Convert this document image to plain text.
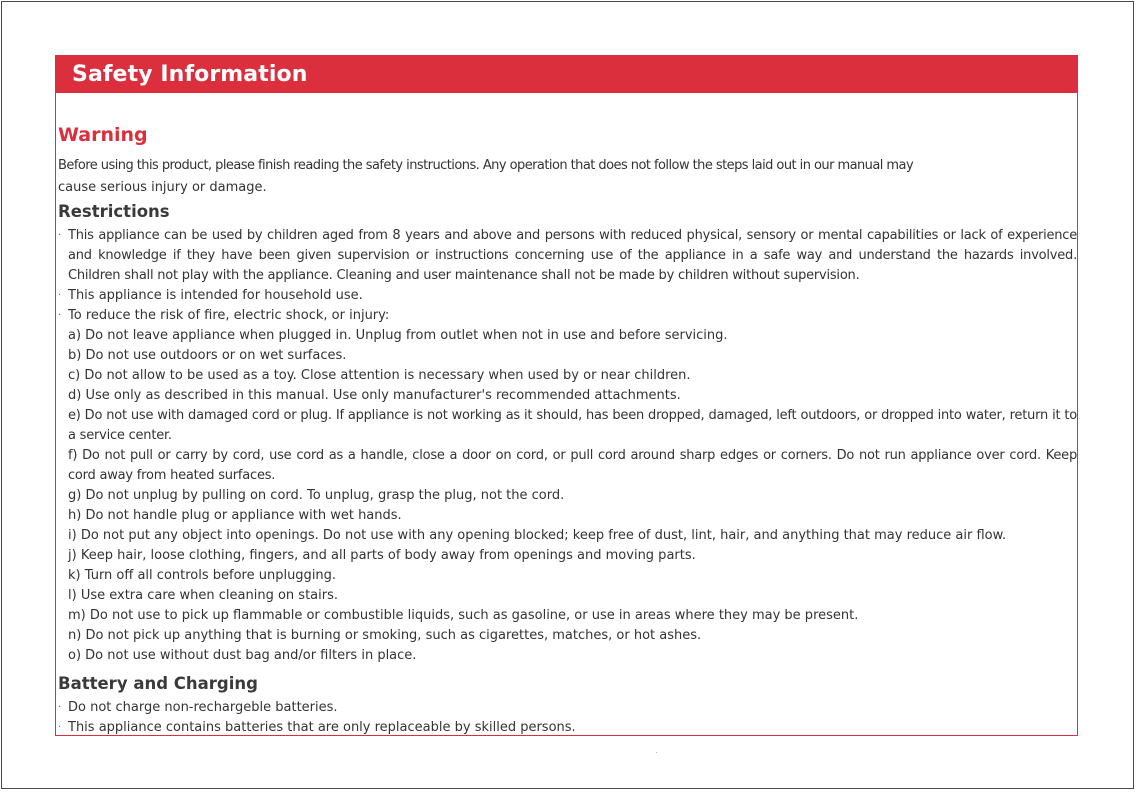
Safety Information
Warning
Before using this product, please finish reading the safety instructions. Any operation that does not follow the steps laid out in our manual may
cause serious injury or damage.
Restrictions
· This appliance can be used by children aged from 8 years and above and persons with reduced physical, sensory or mental capabilities or lack of experience and knowledge if they have been given supervision or instructions concerning use of the appliance in a safe way and understand the hazards involved. Children shall not play with the appliance. Cleaning and user maintenance shall not be made by children without supervision.
· This appliance is intended for household use.
· To reduce the risk of fire, electric shock, or injury:
a) Do not leave appliance when plugged in. Unplug from outlet when not in use and before servicing.
b) Do not use outdoors or on wet surfaces.
c) Do not allow to be used as a toy. Close attention is necessary when used by or near children.
d) Use only as described in this manual. Use only manufacturer's recommended attachments.
e) Do not use with damaged cord or plug. If appliance is not working as it should, has been dropped, damaged, left outdoors, or dropped into water, return it to a service center.
f) Do not pull or carry by cord, use cord as a handle, close a door on cord, or pull cord around sharp edges or corners. Do not run appliance over cord. Keep cord away from heated surfaces.
g) Do not unplug by pulling on cord. To unplug, grasp the plug, not the cord.
h) Do not handle plug or appliance with wet hands.
i) Do not put any object into openings. Do not use with any opening blocked; keep free of dust, lint, hair, and anything that may reduce air flow.
j) Keep hair, loose clothing, fingers, and all parts of body away from openings and moving parts.
k) Turn off all controls before unplugging.
l) Use extra care when cleaning on stairs.
m) Do not use to pick up flammable or combustible liquids, such as gasoline, or use in areas where they may be present.
n) Do not pick up anything that is burning or smoking, such as cigarettes, matches, or hot ashes.
o) Do not use without dust bag and/or filters in place.
Battery and Charging
· Do not charge non-rechargeble batteries.
· This appliance contains batteries that are only replaceable by skilled persons.
